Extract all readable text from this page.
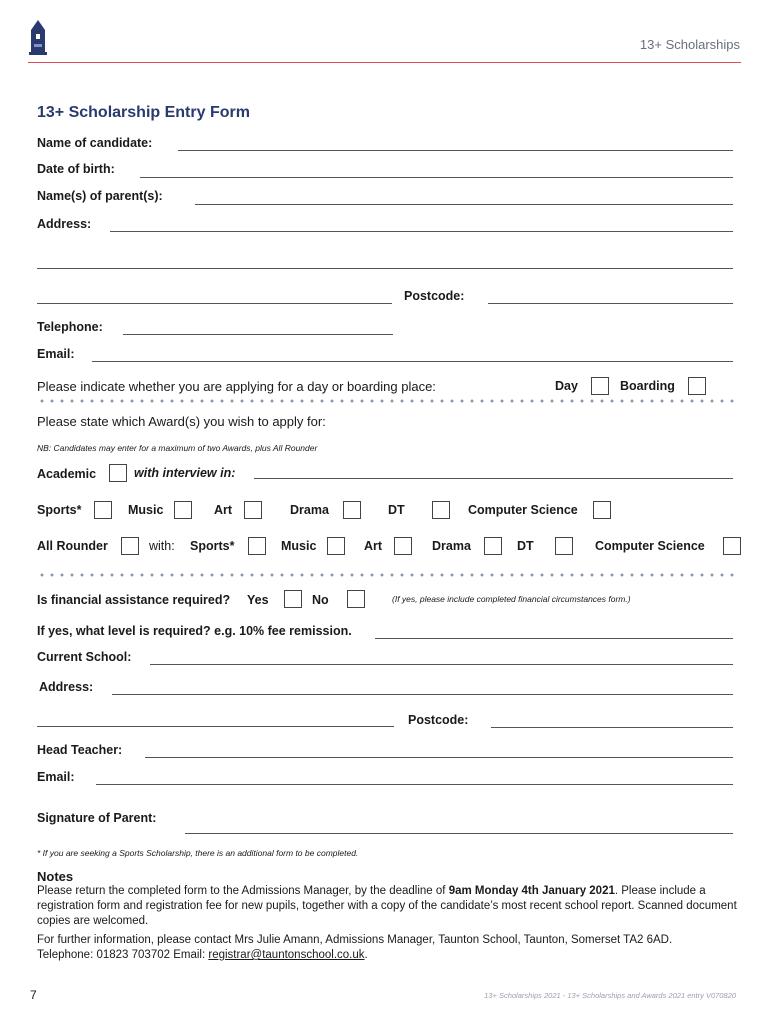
13+ Scholarships
13+ Scholarship Entry Form
Name of candidate:
Date of birth:
Name(s) of parent(s):
Address:
Postcode:
Telephone:
Email:
Please indicate whether you are applying for a day or boarding place:	Day	Boarding
Please state which Award(s) you wish to apply for:
NB: Candidates may enter for a maximum of two Awards, plus All Rounder
Academic	with interview in:
Sports*	Music	Art	Drama	DT	Computer Science
All Rounder	with: Sports*	Music	Art	Drama	DT	Computer Science
Is financial assistance required? Yes	No	(If yes, please include completed financial circumstances form.)
If yes, what level is required? e.g. 10% fee remission.
Current School:
Address:
Postcode:
Head Teacher:
Email:
Signature of Parent:
* If you are seeking a Sports Scholarship, there is an additional form to be completed.
Notes
Please return the completed form to the Admissions Manager, by the deadline of 9am Monday 4th January 2021. Please include a registration form and registration fee for new pupils, together with a copy of the candidate’s most recent school report. Scanned document copies are welcomed.
For further information, please contact Mrs Julie Amann, Admissions Manager, Taunton School, Taunton, Somerset TA2 6AD.
Telephone: 01823 703702 Email: registrar@tauntonschool.co.uk.
7	13+ Scholarships 2021 - 13+ Scholarships and Awards 2021 entry V070820
